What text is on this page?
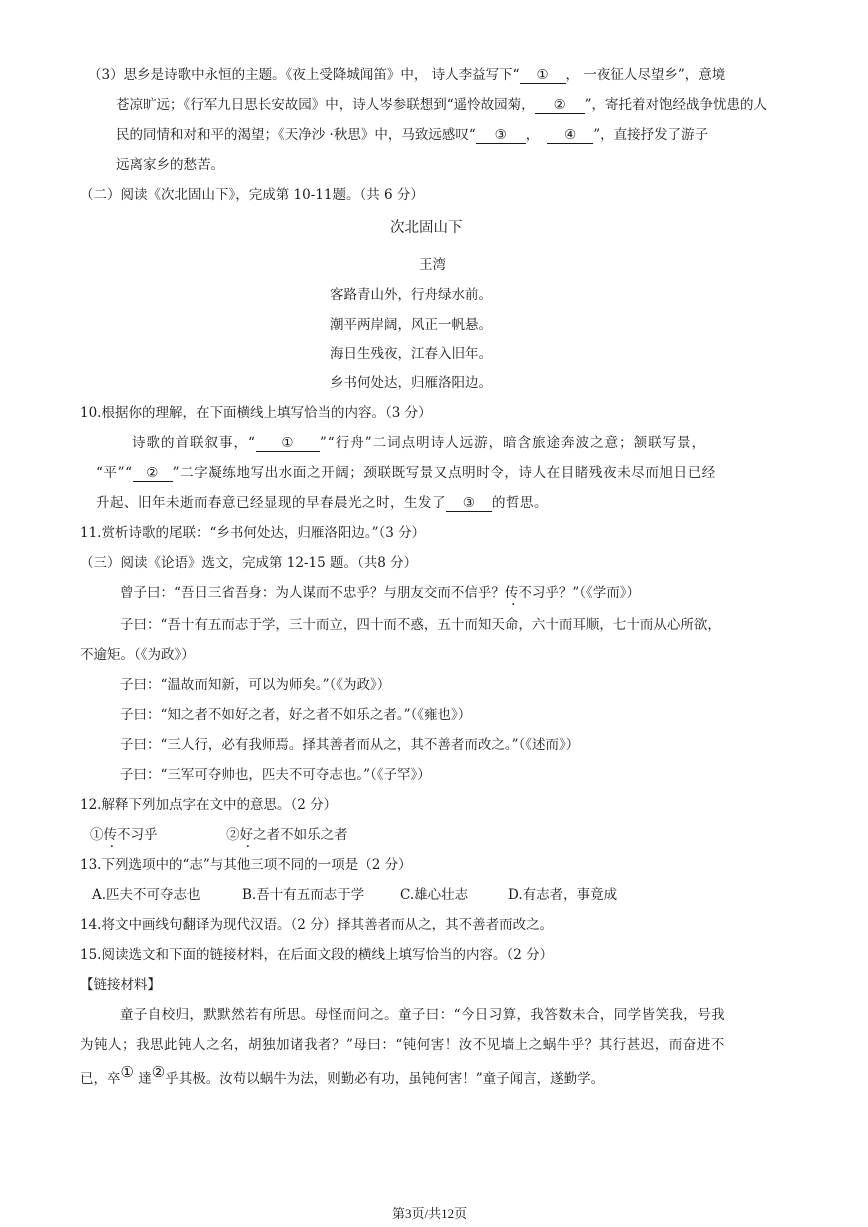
（3）思乡是诗歌中永恒的主题。《夜上受降城闻笛》中， 诗人李益写下“ ① ， 一夜征人尽望乡”，意境
苍凉旷远；《行军九日思长安故园》中，诗人岑参联想到“遥怜故园菊， ② ”，寄托着对饱经战争忧患的人
民的同情和对和平的渴望；《天净沙 ·秋思》中，马致远感叹“ ③ ， ④ ”，直接抒发了游子
远离家乡的愁苦。
（二）阅读《次北固山下》，完成第 10-11题。（共 6 分）
次北固山下
王湾
客路青山外，行舟绿水前。
潮平两岸阔，风正一帆悬。
海日生残夜，江春入旧年。
乡书何处达，归雁洛阳边。
10.根据你的理解，在下面横线上填写恰当的内容。（3 分）
诗歌的首联叙事，“ ① ”“行舟”二词点明诗人远游，暗含旅途奔波之意；颔联写景，
“平”“ ② ”二字凝练地写出水面之开阔；颈联既写景又点明时令，诗人在目睹残夜未尽而旭日已经
升起、旧年未逝而春意已经显现的早春晨光之时，生发了 ③ 的哲思。
11.赏析诗歌的尾联：“乡书何处达，归雁洛阳边。”（3 分）
（三）阅读《论语》选文，完成第 12-15 题。（共8 分）
曾子曰：“吾日三省吾身：为人谋而不忠乎？与朋友交而不信乎？传不习乎？”（《学而》）
子曰：“吾十有五而志于学，三十而立，四十而不惑，五十而知天命，六十而耳顺，七十而从心所欲，
不逾矩。（《为政》）
子曰：“温故而知新，可以为师矣。”（《为政》）
子曰：“知之者不如好之者，好之者不如乐之者。”（《雍也》）
子曰：“三人行，必有我师焉。择其善者而从之，其不善者而改之。”（《述而》）
子曰：“三军可夺帅也，匹夫不可夺志也。”（《子罕》）
12.解释下列加点字在文中的意思。（2 分）
①传不习乎	②好之者不如乐之者
13.下列选项中的“志”与其他三项不同的一项是（2 分）
A.匹夫不可夺志也	B.吾十有五而志于学	C.雄心壮志	D.有志者，事竟成
14.将文中画线句翻译为现代汉语。（2 分）择其善者而从之，其不善者而改之。
15.阅读选文和下面的链接材料，在后面文段的横线上填写恰当的内容。（2 分）
【链接材料】
童子自校归，默默然若有所思。母怪而问之。童子曰：“今日习算，我答数未合，同学皆笑我，号我
为钝人；我思此钝人之名，胡独加诸我者？”母曰：“钝何害！汝不见墙上之蜗牛乎？其行甚迟，而奋进不
已，卒① 達②乎其极。汝苟以蜗牛为法，则勤必有功，虽钝何害！”童子闻言，遂勤学。
第3页/共12页
